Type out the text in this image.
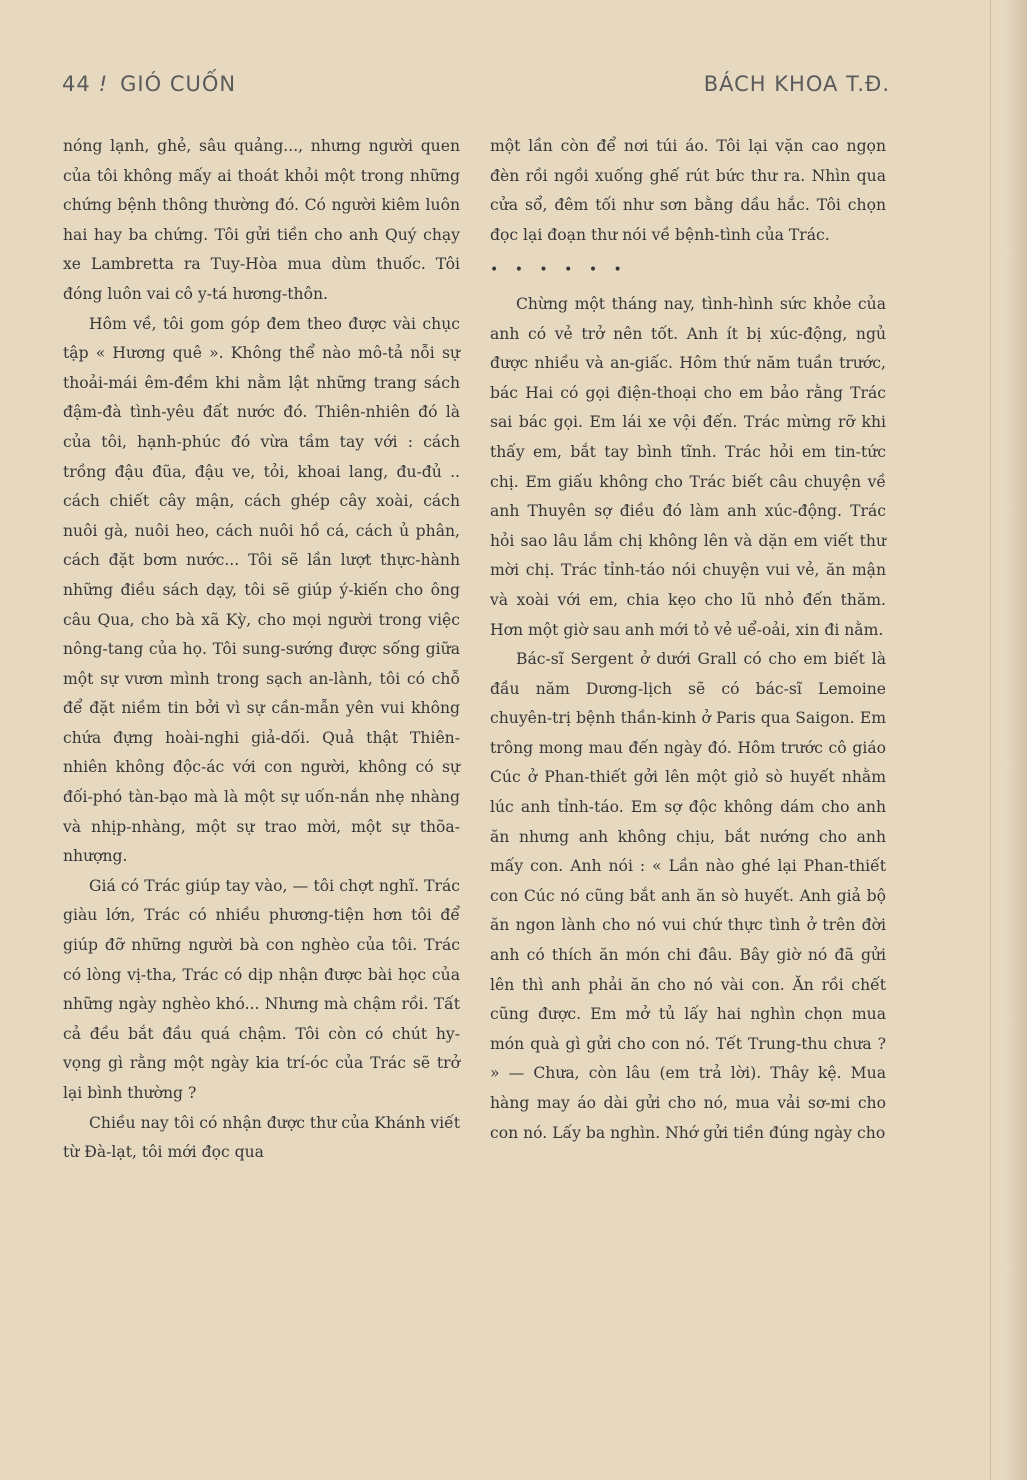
44 ! GIÓ CUỐN	BÁCH KHOA T.Đ.

nóng lạnh, ghẻ, sâu quảng..., nhưng người quen của tôi không mấy ai thoát khỏi một trong những chứng bệnh thông thường đó. Có người kiêm luôn hai hay ba chứng. Tôi gửi tiền cho anh Quý chạy xe Lambretta ra Tuy-Hòa mua dùm thuốc. Tôi đóng luôn vai cô y-tá hương-thôn.

Hôm về, tôi gom góp đem theo được vài chục tập « Hương quê ». Không thể nào mô-tả nỗi sự thoải-mái êm-đềm khi nằm lật những trang sách đậm-đà tình-yêu đất nước đó. Thiên-nhiên đó là của tôi, hạnh-phúc đó vừa tầm tay với : cách trồng đậu đũa, đậu ve, tỏi, khoai lang, đu-đủ .. cách chiết cây mận, cách ghép cây xoài, cách nuôi gà, nuôi heo, cách nuôi hồ cá, cách ủ phân, cách đặt bơm nước... Tôi sẽ lần lượt thực-hành những điều sách dạy, tôi sẽ giúp ý-kiến cho ông câu Qua, cho bà xã Kỳ, cho mọi người trong việc nông-tang của họ. Tôi sung-sướng được sống giữa một sự vươn mình trong sạch an-lành, tôi có chỗ để đặt niềm tin bởi vì sự cần-mẫn yên vui không chứa đựng hoài-nghi giả-dối. Quả thật Thiên-nhiên không độc-ác với con người, không có sự đối-phó tàn-bạo mà là một sự uốn-nắn nhẹ nhàng và nhịp-nhàng, một sự trao mời, một sự thõa-nhượng.

Giá có Trác giúp tay vào, — tôi chợt nghĩ. Trác giàu lớn, Trác có nhiều phương-tiện hơn tôi để giúp đỡ những người bà con nghèo của tôi. Trác có lòng vị-tha, Trác có dịp nhận được bài học của những ngày nghèo khó... Nhưng mà chậm rồi. Tất cả đều bắt đầu quá chậm. Tôi còn có chút hy-vọng gì rằng một ngày kia trí-óc của Trác sẽ trở lại bình thường ?

Chiều nay tôi có nhận được thư của Khánh viết từ Đà-lạt, tôi mới đọc qua

một lần còn để nơi túi áo. Tôi lại vặn cao ngọn đèn rồi ngồi xuống ghế rút bức thư ra. Nhìn qua cửa sổ, đêm tối như sơn bằng dầu hắc. Tôi chọn đọc lại đoạn thư nói về bệnh-tình của Trác.

• • • • • •

Chừng một tháng nay, tình-hình sức khỏe của anh có vẻ trở nên tốt. Anh ít bị xúc-động, ngủ được nhiều và an-giấc. Hôm thứ năm tuần trước, bác Hai có gọi điện-thoại cho em bảo rằng Trác sai bác gọi. Em lái xe vội đến. Trác mừng rỡ khi thấy em, bắt tay bình tĩnh. Trác hỏi em tin-tức chị. Em giấu không cho Trác biết câu chuyện về anh Thuyên sợ điều đó làm anh xúc-động. Trác hỏi sao lâu lắm chị không lên và dặn em viết thư mời chị. Trác tỉnh-táo nói chuyện vui vẻ, ăn mận và xoài với em, chia kẹo cho lũ nhỏ đến thăm. Hơn một giờ sau anh mới tỏ vẻ uể-oải, xin đi nằm.

Bác-sĩ Sergent ở dưới Grall có cho em biết là đầu năm Dương-lịch sẽ có bác-sĩ Lemoine chuyên-trị bệnh thần-kinh ở Paris qua Saigon. Em trông mong mau đến ngày đó. Hôm trước cô giáo Cúc ở Phan-thiết gởi lên một giỏ sò huyết nhằm lúc anh tỉnh-táo. Em sợ độc không dám cho anh ăn nhưng anh không chịu, bắt nướng cho anh mấy con. Anh nói : « Lần nào ghé lại Phan-thiết con Cúc nó cũng bắt anh ăn sò huyết. Anh giả bộ ăn ngon lành cho nó vui chứ thực tình ở trên đời anh có thích ăn món chi đâu. Bây giờ nó đã gửi lên thì anh phải ăn cho nó vài con. Ăn rồi chết cũng được. Em mở tủ lấy hai nghìn chọn mua món quà gì gửi cho con nó. Tết Trung-thu chưa ? » — Chưa, còn lâu (em trả lời). Thây kệ. Mua hàng may áo dài gửi cho nó, mua vải sơ-mi cho con nó. Lấy ba nghìn. Nhớ gửi tiền đúng ngày cho
